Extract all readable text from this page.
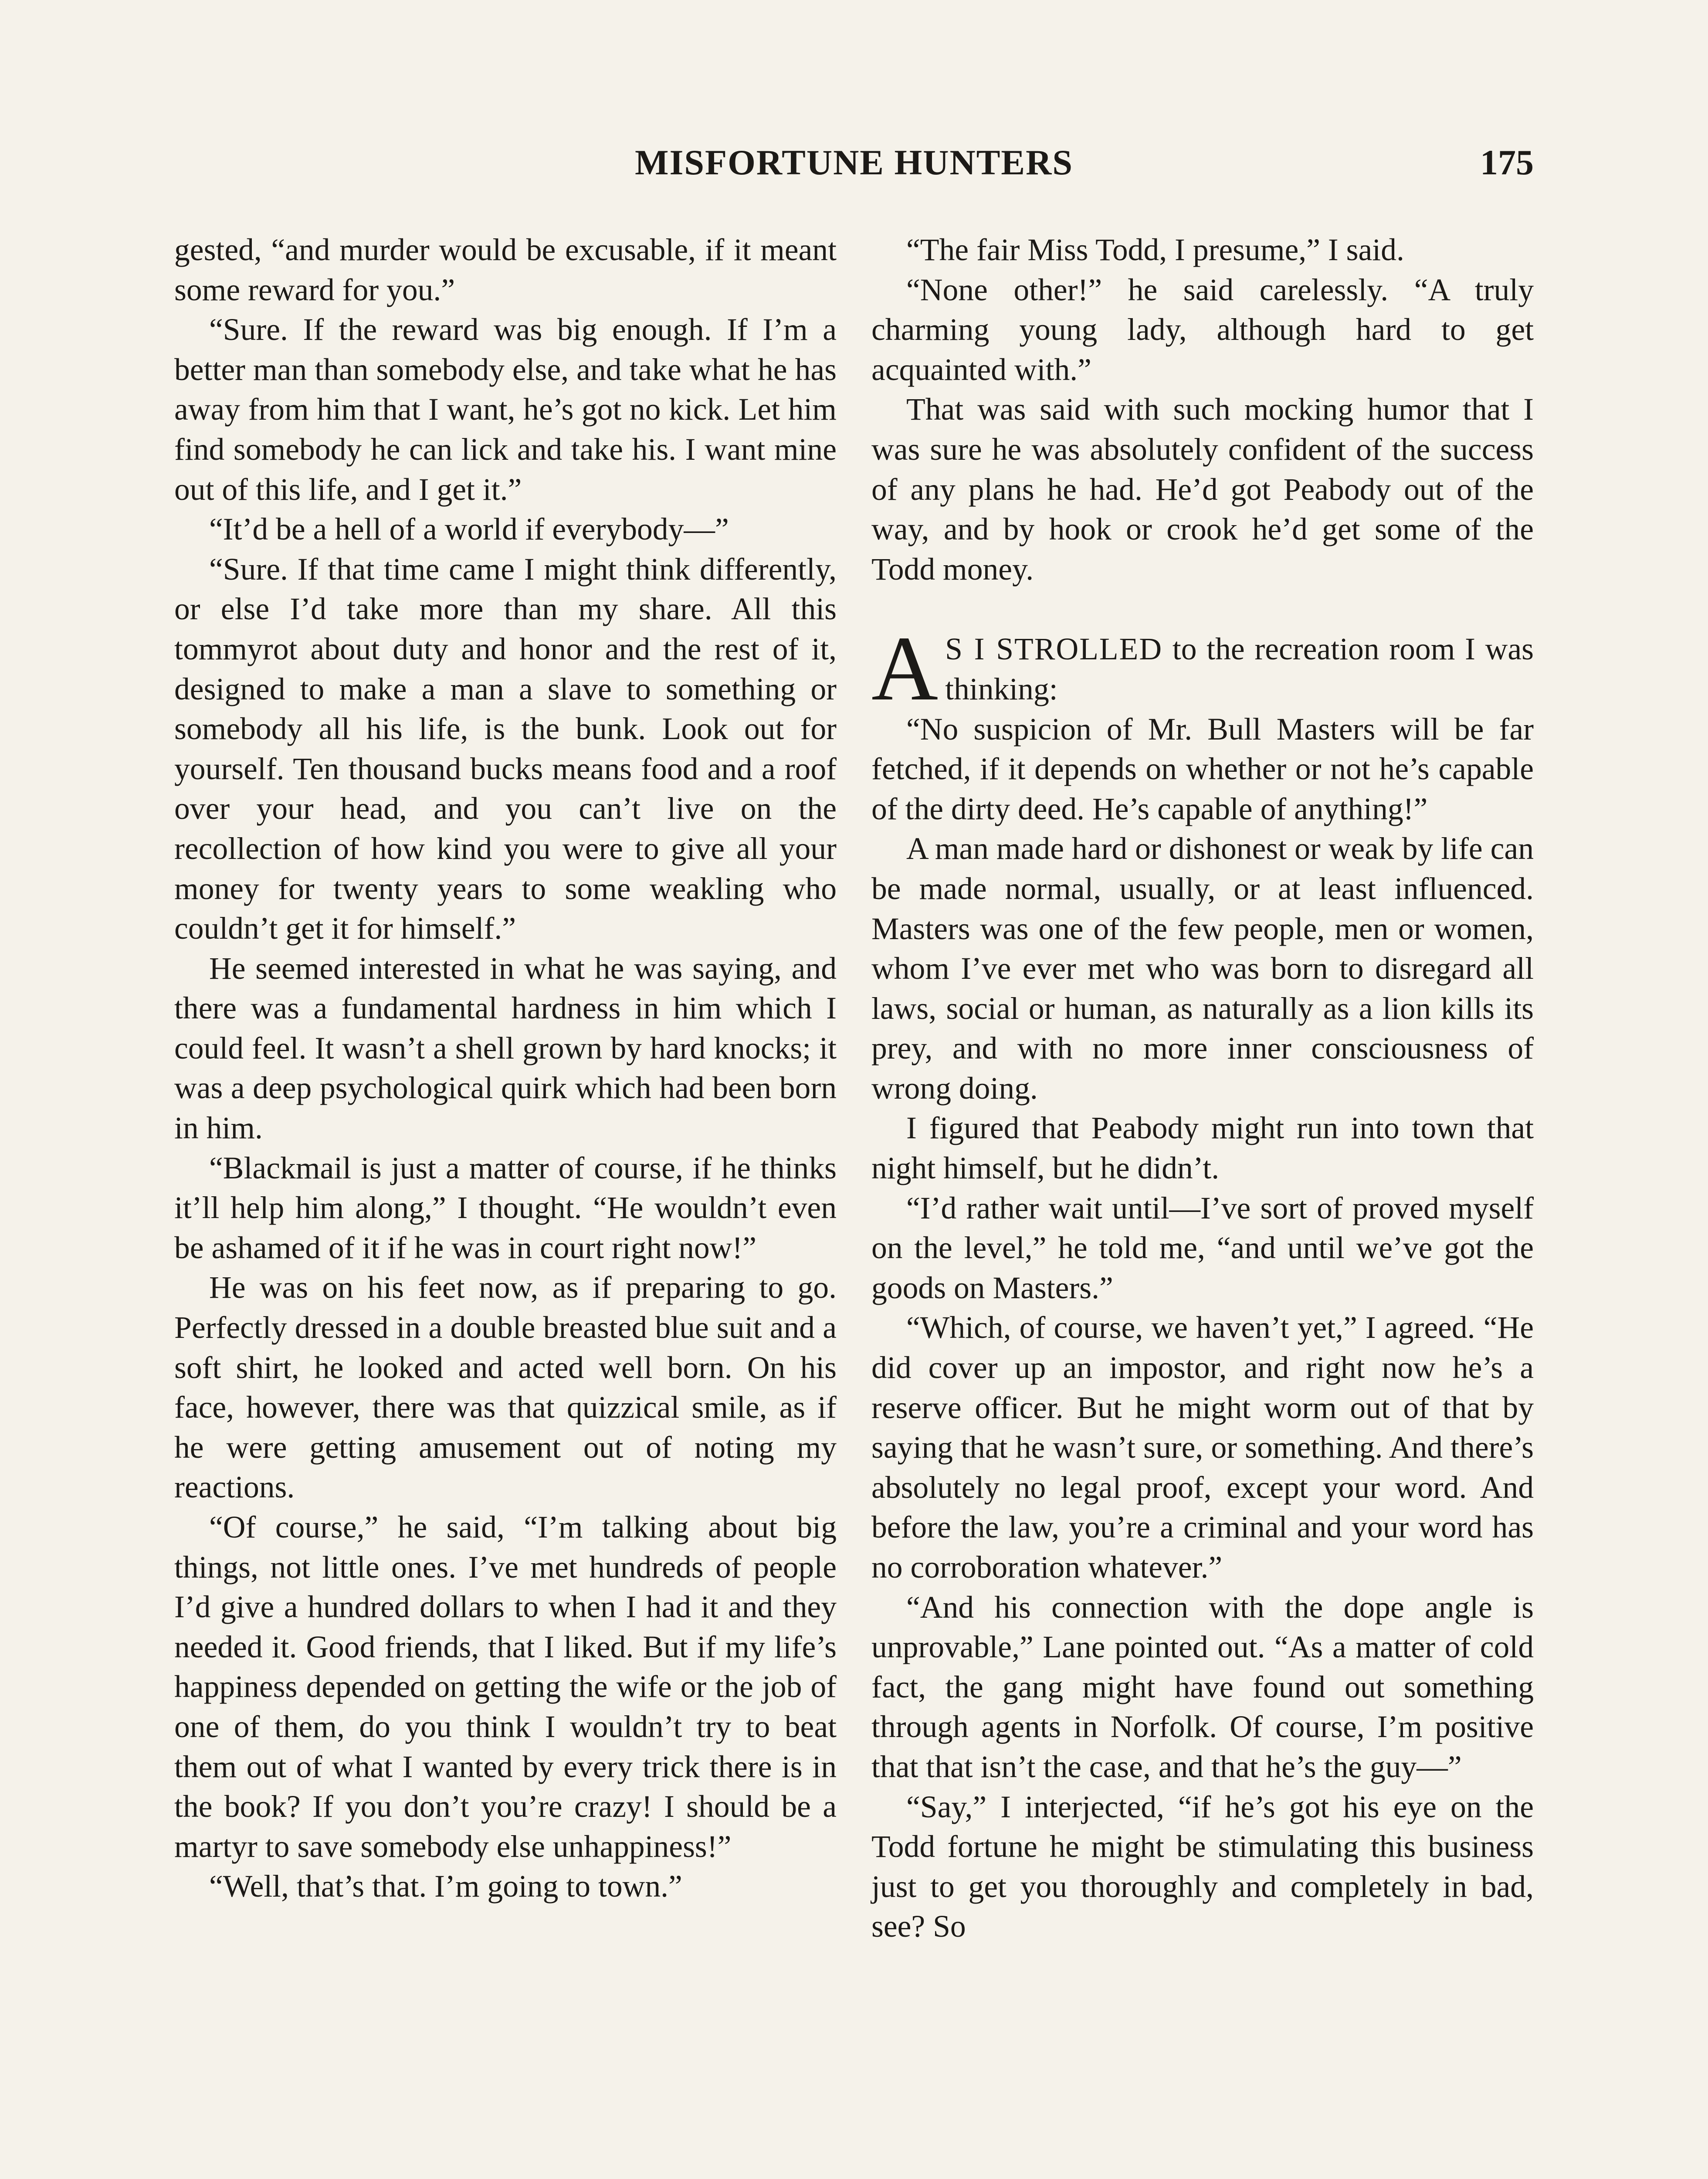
MISFORTUNE HUNTERS	175

gested, “and murder would be excusable, if it meant some reward for you.”

“Sure. If the reward was big enough. If I’m a better man than somebody else, and take what he has away from him that I want, he’s got no kick. Let him find somebody he can lick and take his. I want mine out of this life, and I get it.”

“It’d be a hell of a world if everybody—”

“Sure. If that time came I might think differently, or else I’d take more than my share. All this tommyrot about duty and honor and the rest of it, designed to make a man a slave to something or somebody all his life, is the bunk. Look out for yourself. Ten thousand bucks means food and a roof over your head, and you can’t live on the recollection of how kind you were to give all your money for twenty years to some weakling who couldn’t get it for himself.”

He seemed interested in what he was saying, and there was a fundamental hardness in him which I could feel. It wasn’t a shell grown by hard knocks; it was a deep psychological quirk which had been born in him.

“Blackmail is just a matter of course, if he thinks it’ll help him along,” I thought. “He wouldn’t even be ashamed of it if he was in court right now!”

He was on his feet now, as if preparing to go. Perfectly dressed in a double breasted blue suit and a soft shirt, he looked and acted well born. On his face, however, there was that quizzical smile, as if he were getting amusement out of noting my reactions.

“Of course,” he said, “I’m talking about big things, not little ones. I’ve met hundreds of people I’d give a hundred dollars to when I had it and they needed it. Good friends, that I liked. But if my life’s happiness depended on getting the wife or the job of one of them, do you think I wouldn’t try to beat them out of what I wanted by every trick there is in the book? If you don’t you’re crazy! I should be a martyr to save somebody else unhappiness!”

“Well, that’s that. I’m going to town.”

“The fair Miss Todd, I presume,” I said.

“None other!” he said carelessly. “A truly charming young lady, although hard to get acquainted with.”

That was said with such mocking humor that I was sure he was absolutely confident of the success of any plans he had. He’d got Peabody out of the way, and by hook or crook he’d get some of the Todd money.

A S I STROLLED to the recreation room I was thinking:

“No suspicion of Mr. Bull Masters will be far fetched, if it depends on whether or not he’s capable of the dirty deed. He’s capable of anything!”

A man made hard or dishonest or weak by life can be made normal, usually, or at least influenced. Masters was one of the few people, men or women, whom I’ve ever met who was born to disregard all laws, social or human, as naturally as a lion kills its prey, and with no more inner consciousness of wrong doing.

I figured that Peabody might run into town that night himself, but he didn’t.

“I’d rather wait until—I’ve sort of proved myself on the level,” he told me, “and until we’ve got the goods on Masters.”

“Which, of course, we haven’t yet,” I agreed. “He did cover up an impostor, and right now he’s a reserve officer. But he might worm out of that by saying that he wasn’t sure, or something. And there’s absolutely no legal proof, except your word. And before the law, you’re a criminal and your word has no corroboration whatever.”

“And his connection with the dope angle is unprovable,” Lane pointed out. “As a matter of cold fact, the gang might have found out something through agents in Norfolk. Of course, I’m positive that that isn’t the case, and that he’s the guy—”

“Say,” I interjected, “if he’s got his eye on the Todd fortune he might be stimulating this business just to get you thoroughly and completely in bad, see? So
